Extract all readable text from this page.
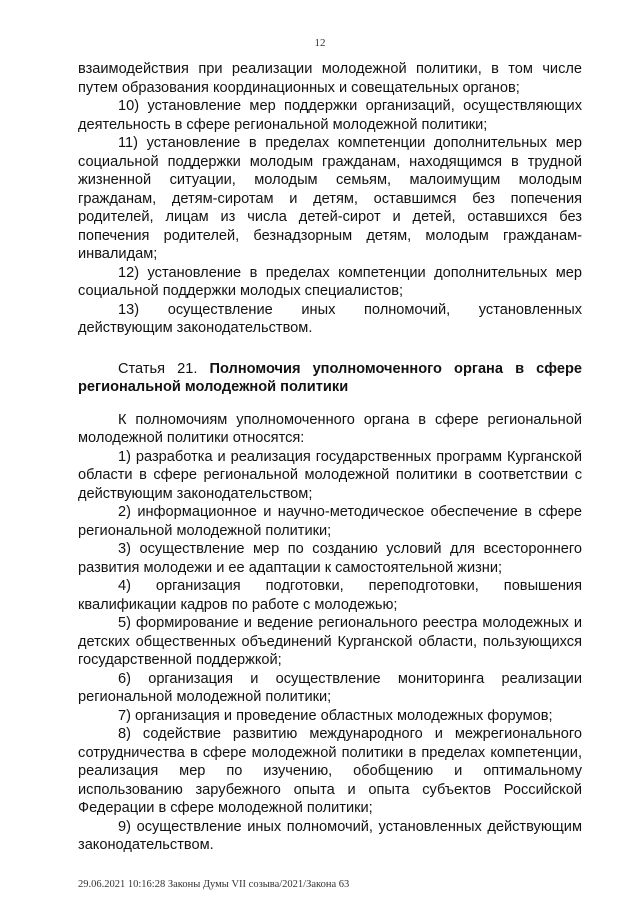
12

взаимодействия при реализации молодежной политики, в том числе путем образования координационных и совещательных органов;

10) установление мер поддержки организаций, осуществляющих деятельность в сфере региональной молодежной политики;

11) установление в пределах компетенции дополнительных мер социальной поддержки молодым гражданам, находящимся в трудной жизненной ситуации, молодым семьям, малоимущим молодым гражданам, детям-сиротам и детям, оставшимся без попечения родителей, лицам из числа детей-сирот и детей, оставшихся без попечения родителей, безнадзорным детям, молодым гражданам-инвалидам;

12) установление в пределах компетенции дополнительных мер социальной поддержки молодых специалистов;

13) осуществление иных полномочий, установленных действующим законодательством.

Статья 21. Полномочия уполномоченного органа в сфере региональной молодежной политики

К полномочиям уполномоченного органа в сфере региональной молодежной политики относятся:

1) разработка и реализация государственных программ Курганской области в сфере региональной молодежной политики в соответствии с действующим законодательством;

2) информационное и научно-методическое обеспечение в сфере региональной молодежной политики;

3) осуществление мер по созданию условий для всестороннего развития молодежи и ее адаптации к самостоятельной жизни;

4) организация подготовки, переподготовки, повышения квалификации кадров по работе с молодежью;

5) формирование и ведение регионального реестра молодежных и детских общественных объединений Курганской области, пользующихся государственной поддержкой;

6) организация и осуществление мониторинга реализации региональной молодежной политики;

7) организация и проведение областных молодежных форумов;

8) содействие развитию международного и межрегионального сотрудничества в сфере молодежной политики в пределах компетенции, реализация мер по изучению, обобщению и оптимальному использованию зарубежного опыта и опыта субъектов Российской Федерации в сфере молодежной политики;

9) осуществление иных полномочий, установленных действующим законодательством.

29.06.2021 10:16:28 Законы Думы VII созыва/2021/Закона 63
